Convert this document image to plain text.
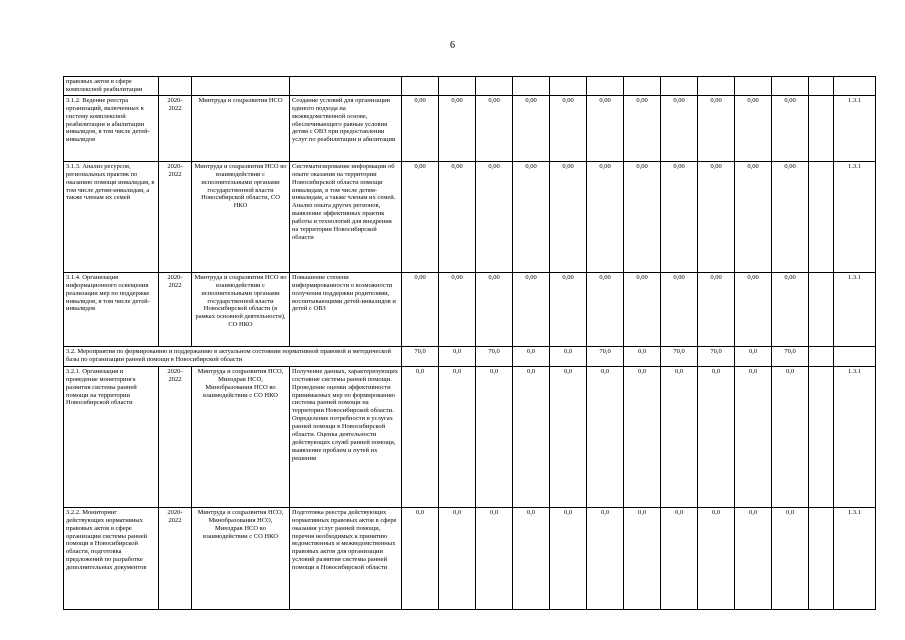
6
правовых актов в сфере комплексной реабилитации																
3.1.2. Ведение реестра организаций, включенных в систему комплексной реабилитации и абилитации инвалидов, в том числе детей-инвалидов	2020-2022	Минтруда и соцразвития НСО	Создание условий для организации единого подхода на межведомственной основе, обеспечивающего равные условия детям с ОВЗ при предоставлении услуг по реабилитации и абилитации	0,00	0,00	0,00	0,00	0,00	0,00	0,00	0,00	0,00	0,00	0,00		1.3.1
3.1.3. Анализ ресурсов, региональных практик по оказанию помощи инвалидам, в том числе детям-инвалидам, а также членам их семей	2020-2022	Минтруда и соцразвития НСО во взаимодействии с исполнительными органами государственной власти Новосибирской области, СО НКО	Систематизирование информации об опыте оказания на территории Новосибирской области помощи инвалидам, в том числе детям-инвалидам, а также членам их семей. Анализ опыта других регионов, выявление эффективных практик работы и технологий для внедрения на территории Новосибирской области	0,00	0,00	0,00	0,00	0,00	0,00	0,00	0,00	0,00	0,00	0,00		1.3.1
3.1.4. Организация информационного освещения реализации мер по поддержке инвалидов, в том числе детей-инвалидов	2020-2022	Минтруда и соцразвития НСО во взаимодействии с исполнительными органами государственной власти Новосибирской области (в рамках основной деятельности), СО НКО	Повышение степени информированности о возможности получения поддержки родителями, воспитывающими детей-инвалидов и детей с ОВЗ	0,00	0,00	0,00	0,00	0,00	0,00	0,00	0,00	0,00	0,00	0,00		1.3.1
3.2. Мероприятия по формированию и поддержанию в актуальном состоянии нормативной правовой и методической базы по организации ранней помощи в Новосибирской области				70,0	0,0	70,0	0,0	0,0	70,0	0,0	70,0	70,0	0,0	70,0		
3.2.1. Организация и проведение мониторинга развития системы ранней помощи на территории Новосибирской области	2020-2022	Минтруда и соцразвития НСО, Минздрав НСО, Минобразования НСО во взаимодействии с СО НКО	Получение данных, характеризующих состояние системы ранней помощи. Проведение оценки эффективности принимаемых мер по формированию системы ранней помощи на территории Новосибирской области. Определение потребности в услугах ранней помощи в Новосибирской области. Оценка деятельности действующих служб ранней помощи, выявление проблем и путей их решения	0,0	0,0	0,0	0,0	0,0	0,0	0,0	0,0	0,0	0,0	0,0		1.3.1
3.2.2. Мониторинг действующих нормативных правовых актов в сфере организации системы ранней помощи в Новосибирской области, подготовка предложений по разработке дополнительных документов	2020-2022	Минтруда и соцразвития НСО, Минобразования НСО, Минздрав НСО во взаимодействии с СО НКО	Подготовка реестра действующих нормативных правовых актов в сфере оказания услуг ранней помощи, перечня необходимых к принятию ведомственных и межведомственных правовых актов для организации условий развития системы ранней помощи в Новосибирской области	0,0	0,0	0,0	0,0	0,0	0,0	0,0	0,0	0,0	0,0	0,0		1.3.1
